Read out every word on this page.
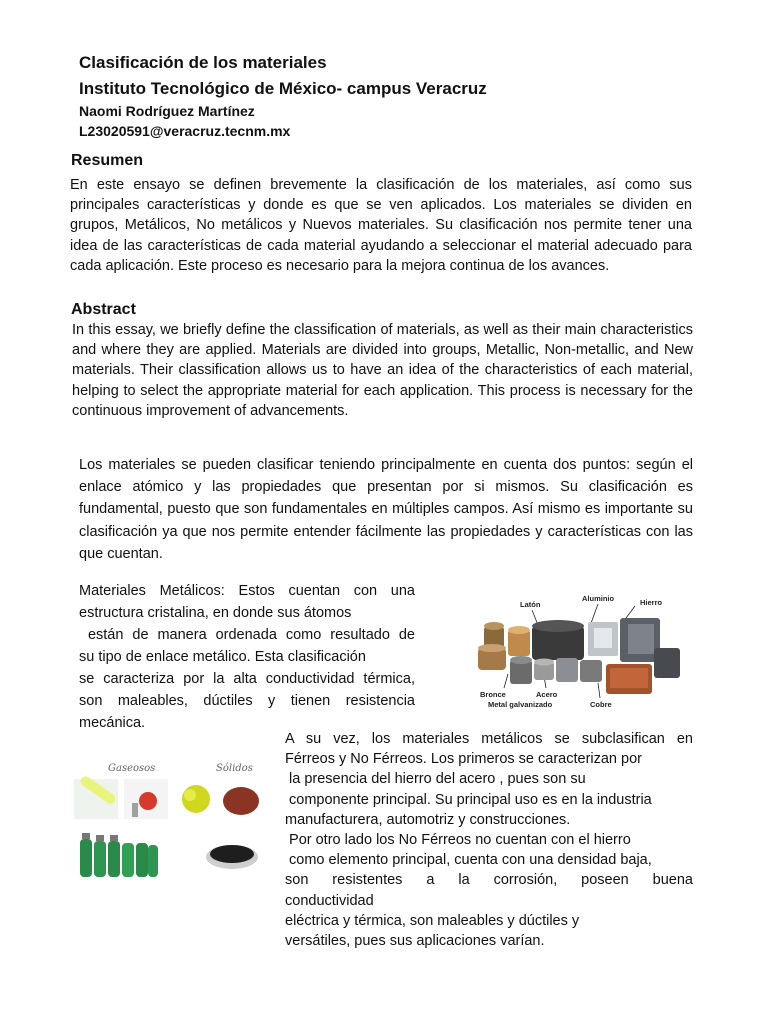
Clasificación de los materiales
Instituto Tecnológico de México- campus Veracruz
Naomi Rodríguez Martínez
L23020591@veracruz.tecnm.mx
Resumen
En este ensayo se definen brevemente la clasificación de los materiales, así como sus principales características y donde es que se ven aplicados. Los materiales se dividen en grupos, Metálicos, No metálicos y Nuevos materiales. Su clasificación nos permite tener una idea de las características de cada material ayudando a seleccionar el material adecuado para cada aplicación. Este proceso es necesario para la mejora continua de los avances.
Abstract
In this essay, we briefly define the classification of materials, as well as their main characteristics and where they are applied. Materials are divided into groups, Metallic, Non-metallic, and New materials. Their classification allows us to have an idea of the characteristics of each material, helping to select the appropriate material for each application. This process is necessary for the continuous improvement of advancements.
Los materiales se pueden clasificar teniendo principalmente en cuenta dos puntos: según el enlace atómico y las propiedades que presentan por si mismos. Su clasificación es fundamental, puesto que son fundamentales en múltiples campos. Así mismo es importante su clasificación ya que nos permite entender fácilmente las propiedades y características con las que cuentan.
Materiales Metálicos: Estos cuentan con una
estructura cristalina, en donde sus átomos
están de manera ordenada como resultado de
su tipo de enlace metálico. Esta clasificación
se caracteriza por la alta conductividad térmica,
son maleables, dúctiles y tienen resistencia
mecánica.
A su vez, los materiales metálicos se subclasifican en
Férreos y No Férreos. Los primeros se caracterizan por
la presencia del hierro del acero , pues son su
componente principal. Su principal uso es en la industria
manufacturera, automotriz y construcciones.
Por otro lado los No Férreos no cuentan con el hierro
como elemento principal, cuenta con una densidad baja,
son resistentes a la corrosión, poseen buena
conductividad
eléctrica y térmica, son maleables y dúctiles y
versátiles, pues sus aplicaciones varían.
Latón
Aluminio	Hierro
Bronce	Acero
Metal galvanizado	Cobre
Gaseosos	Sólidos
